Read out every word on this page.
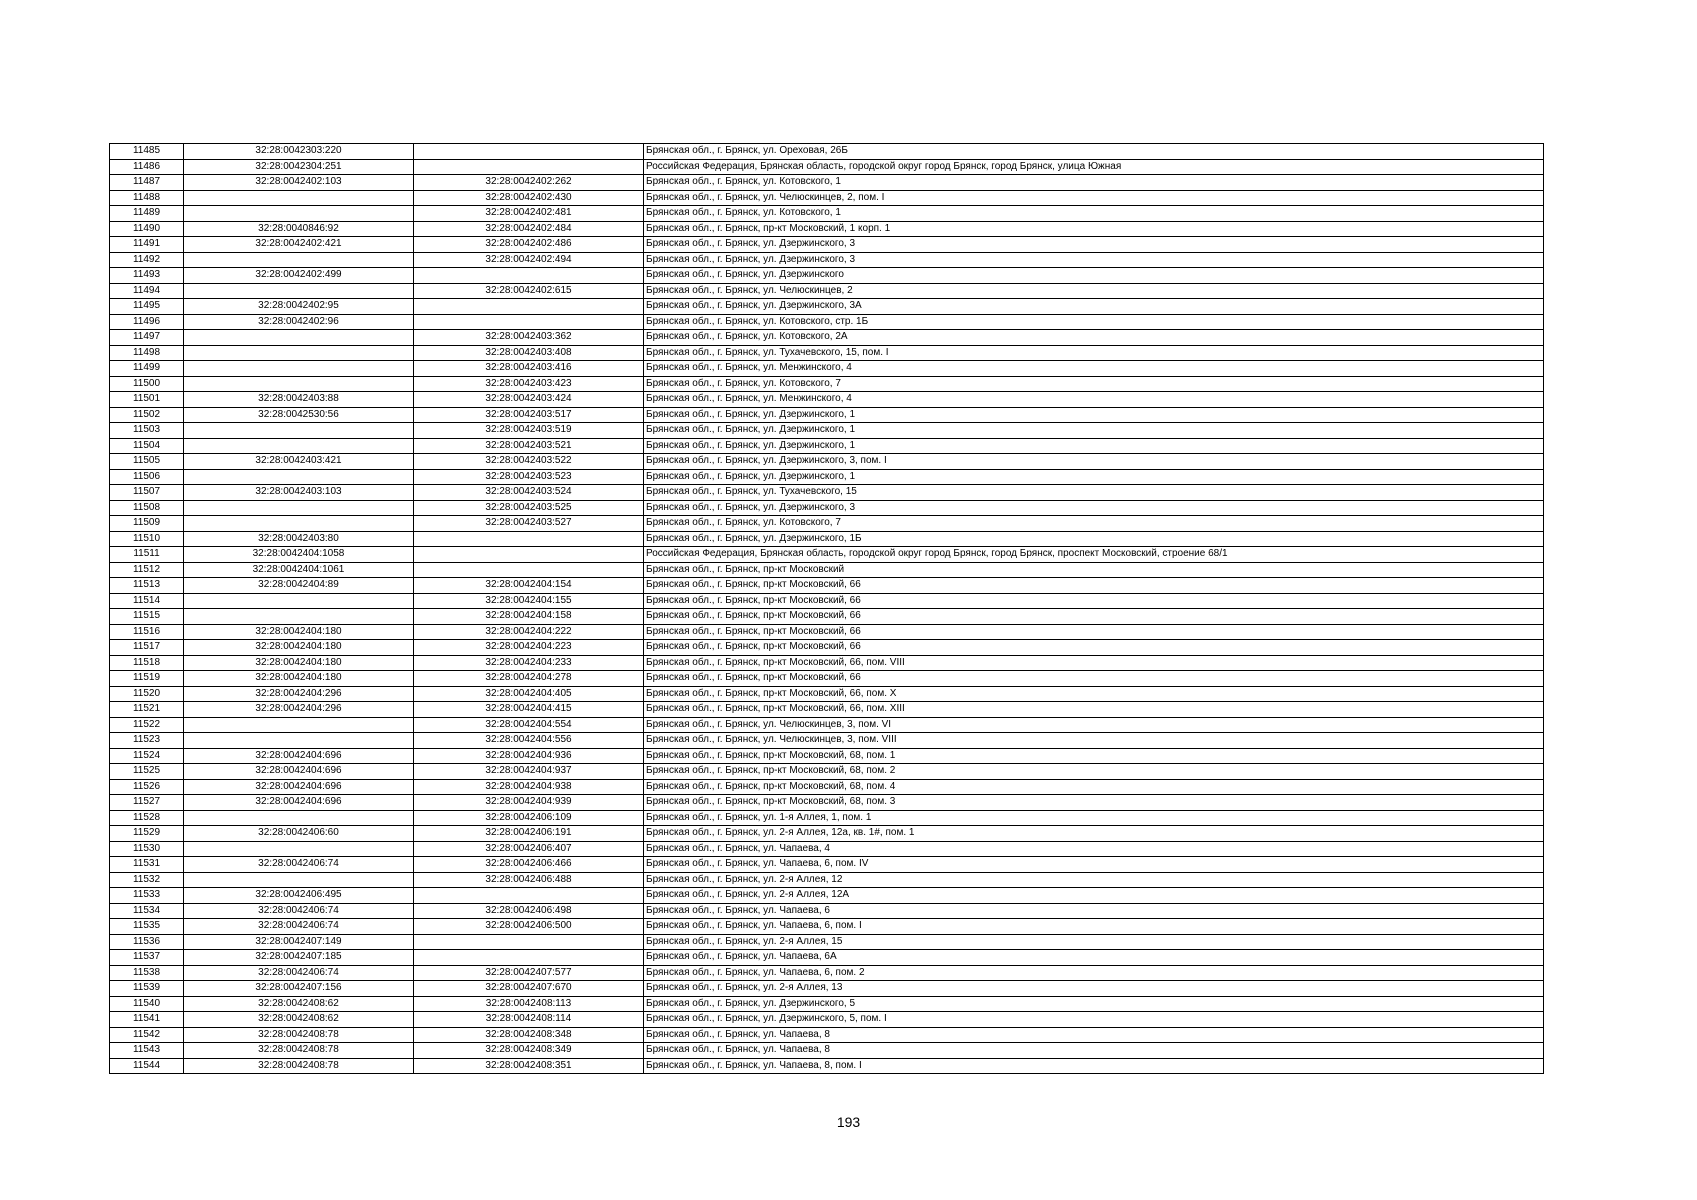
11485	32:28:0042303:220		Брянская обл., г. Брянск, ул. Ореховая, 26Б
11486	32:28:0042304:251		Российская Федерация, Брянская область, городской округ город Брянск, город Брянск, улица Южная
11487	32:28:0042402:103	32:28:0042402:262	Брянская обл., г. Брянск, ул. Котовского, 1
11488		32:28:0042402:430	Брянская обл., г. Брянск, ул. Челюскинцев, 2, пом. I
11489		32:28:0042402:481	Брянская обл., г. Брянск, ул. Котовского, 1
11490	32:28:0040846:92	32:28:0042402:484	Брянская обл., г. Брянск, пр-кт Московский, 1 корп. 1
11491	32:28:0042402:421	32:28:0042402:486	Брянская обл., г. Брянск, ул. Дзержинского, 3
11492		32:28:0042402:494	Брянская обл., г. Брянск, ул. Дзержинского, 3
11493	32:28:0042402:499		Брянская обл., г. Брянск, ул. Дзержинского
11494		32:28:0042402:615	Брянская обл., г. Брянск, ул. Челюскинцев, 2
11495	32:28:0042402:95		Брянская обл., г. Брянск, ул. Дзержинского, 3А
11496	32:28:0042402:96		Брянская обл., г. Брянск, ул. Котовского, стр. 1Б
11497		32:28:0042403:362	Брянская обл., г. Брянск, ул. Котовского, 2А
11498		32:28:0042403:408	Брянская обл., г. Брянск, ул. Тухачевского, 15, пом. I
11499		32:28:0042403:416	Брянская обл., г. Брянск, ул. Менжинского, 4
11500		32:28:0042403:423	Брянская обл., г. Брянск, ул. Котовского, 7
11501	32:28:0042403:88	32:28:0042403:424	Брянская обл., г. Брянск, ул. Менжинского, 4
11502	32:28:0042530:56	32:28:0042403:517	Брянская обл., г. Брянск, ул. Дзержинского, 1
11503		32:28:0042403:519	Брянская обл., г. Брянск, ул. Дзержинского, 1
11504		32:28:0042403:521	Брянская обл., г. Брянск, ул. Дзержинского, 1
11505	32:28:0042403:421	32:28:0042403:522	Брянская обл., г. Брянск, ул. Дзержинского, 3, пом. I
11506		32:28:0042403:523	Брянская обл., г. Брянск, ул. Дзержинского, 1
11507	32:28:0042403:103	32:28:0042403:524	Брянская обл., г. Брянск, ул. Тухачевского, 15
11508		32:28:0042403:525	Брянская обл., г. Брянск, ул. Дзержинского, 3
11509		32:28:0042403:527	Брянская обл., г. Брянск, ул. Котовского, 7
11510	32:28:0042403:80		Брянская обл., г. Брянск, ул. Дзержинского, 1Б
11511	32:28:0042404:1058		Российская Федерация, Брянская область, городской округ город Брянск, город Брянск, проспект Московский, строение 68/1
11512	32:28:0042404:1061		Брянская обл., г. Брянск, пр-кт Московский
11513	32:28:0042404:89	32:28:0042404:154	Брянская обл., г. Брянск, пр-кт Московский, 66
11514		32:28:0042404:155	Брянская обл., г. Брянск, пр-кт Московский, 66
11515		32:28:0042404:158	Брянская обл., г. Брянск, пр-кт Московский, 66
11516	32:28:0042404:180	32:28:0042404:222	Брянская обл., г. Брянск, пр-кт Московский, 66
11517	32:28:0042404:180	32:28:0042404:223	Брянская обл., г. Брянск, пр-кт Московский, 66
11518	32:28:0042404:180	32:28:0042404:233	Брянская обл., г. Брянск, пр-кт Московский, 66, пом. VIII
11519	32:28:0042404:180	32:28:0042404:278	Брянская обл., г. Брянск, пр-кт Московский, 66
11520	32:28:0042404:296	32:28:0042404:405	Брянская обл., г. Брянск, пр-кт Московский, 66, пом. X
11521	32:28:0042404:296	32:28:0042404:415	Брянская обл., г. Брянск, пр-кт Московский, 66, пом. XIII
11522		32:28:0042404:554	Брянская обл., г. Брянск, ул. Челюскинцев, 3, пом. VI
11523		32:28:0042404:556	Брянская обл., г. Брянск, ул. Челюскинцев, 3, пом. VIII
11524	32:28:0042404:696	32:28:0042404:936	Брянская обл., г. Брянск, пр-кт Московский, 68, пом. 1
11525	32:28:0042404:696	32:28:0042404:937	Брянская обл., г. Брянск, пр-кт Московский, 68, пом. 2
11526	32:28:0042404:696	32:28:0042404:938	Брянская обл., г. Брянск, пр-кт Московский, 68, пом. 4
11527	32:28:0042404:696	32:28:0042404:939	Брянская обл., г. Брянск, пр-кт Московский, 68, пом. 3
11528		32:28:0042406:109	Брянская обл., г. Брянск, ул. 1-я Аллея, 1, пом. 1
11529	32:28:0042406:60	32:28:0042406:191	Брянская обл., г. Брянск, ул. 2-я Аллея, 12а, кв. 1#, пом. 1
11530		32:28:0042406:407	Брянская обл., г. Брянск, ул. Чапаева, 4
11531	32:28:0042406:74	32:28:0042406:466	Брянская обл., г. Брянск, ул. Чапаева, 6, пом. IV
11532		32:28:0042406:488	Брянская обл., г. Брянск, ул. 2-я Аллея, 12
11533	32:28:0042406:495		Брянская обл., г. Брянск, ул. 2-я Аллея, 12А
11534	32:28:0042406:74	32:28:0042406:498	Брянская обл., г. Брянск, ул. Чапаева, 6
11535	32:28:0042406:74	32:28:0042406:500	Брянская обл., г. Брянск, ул. Чапаева, 6, пом. I
11536	32:28:0042407:149		Брянская обл., г. Брянск, ул. 2-я Аллея, 15
11537	32:28:0042407:185		Брянская обл., г. Брянск, ул. Чапаева, 6А
11538	32:28:0042406:74	32:28:0042407:577	Брянская обл., г. Брянск, ул. Чапаева, 6, пом. 2
11539	32:28:0042407:156	32:28:0042407:670	Брянская обл., г. Брянск, ул. 2-я Аллея, 13
11540	32:28:0042408:62	32:28:0042408:113	Брянская обл., г. Брянск, ул. Дзержинского, 5
11541	32:28:0042408:62	32:28:0042408:114	Брянская обл., г. Брянск, ул. Дзержинского, 5, пом. I
11542	32:28:0042408:78	32:28:0042408:348	Брянская обл., г. Брянск, ул. Чапаева, 8
11543	32:28:0042408:78	32:28:0042408:349	Брянская обл., г. Брянск, ул. Чапаева, 8
11544	32:28:0042408:78	32:28:0042408:351	Брянская обл., г. Брянск, ул. Чапаева, 8, пом. I
193
